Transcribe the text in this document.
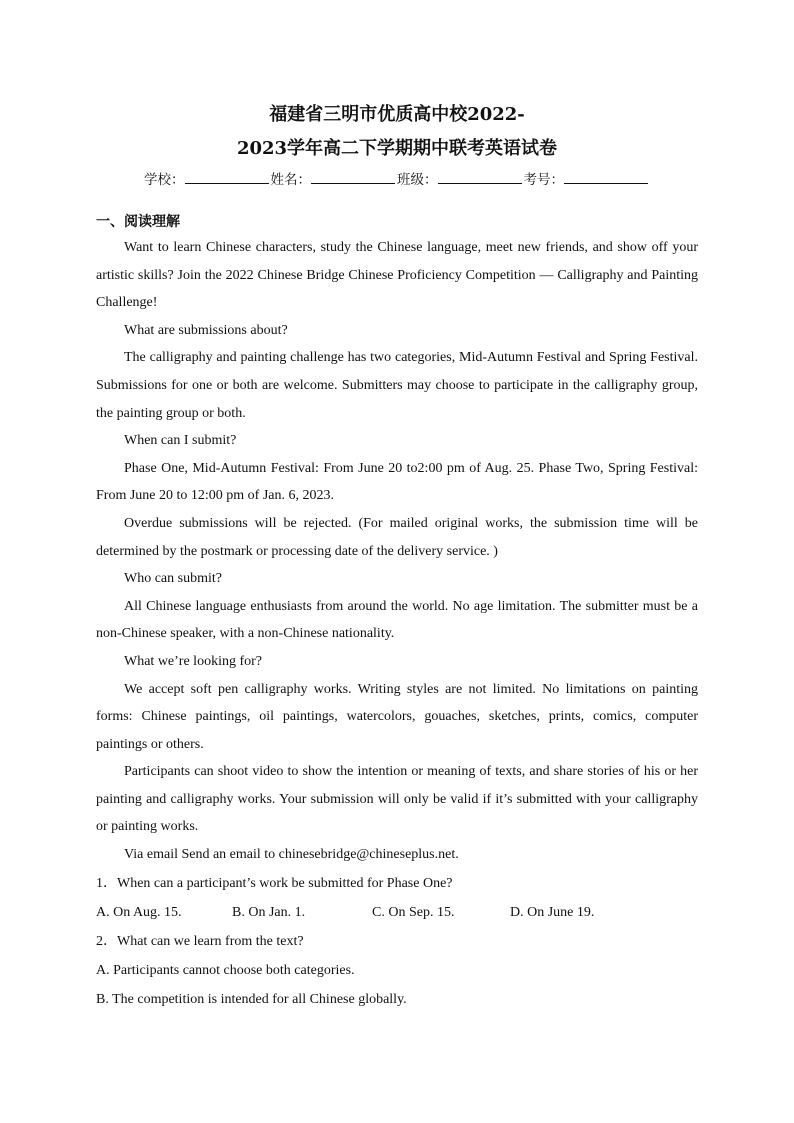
福建省三明市优质高中校2022-
2023学年高二下学期期中联考英语试卷
学校：	姓名：	班级：	考号：
一、阅读理解

Want to learn Chinese characters, study the Chinese language, meet new friends, and show off your artistic skills? Join the 2022 Chinese Bridge Chinese Proficiency Competition — Calligraphy and Painting Challenge!

What are submissions about?

The calligraphy and painting challenge has two categories, Mid-Autumn Festival and Spring Festival. Submissions for one or both are welcome. Submitters may choose to participate in the calligraphy group, the painting group or both.

When can I submit?

Phase One, Mid-Autumn Festival: From June 20 to2:00 pm of Aug. 25. Phase Two, Spring Festival: From June 20 to 12:00 pm of Jan. 6, 2023.

Overdue submissions will be rejected. (For mailed original works, the submission time will be determined by the postmark or processing date of the delivery service. )

Who can submit?

All Chinese language enthusiasts from around the world. No age limitation. The submitter must be a non-Chinese speaker, with a non-Chinese nationality.

What we’re looking for?

We accept soft pen calligraphy works. Writing styles are not limited. No limitations on painting forms: Chinese paintings, oil paintings, watercolors, gouaches, sketches, prints, comics, computer paintings or others.

Participants can shoot video to show the intention or meaning of texts, and share stories of his or her painting and calligraphy works. Your submission will only be valid if it’s submitted with your calligraphy or painting works.

Via email Send an email to chinesebridge@chineseplus.net.

1．When can a participant’s work be submitted for Phase One?

A. On Aug. 15.	B. On Jan. 1.	C. On Sep. 15.	D. On June 19.

2．What can we learn from the text?

A. Participants cannot choose both categories.

B. The competition is intended for all Chinese globally.
